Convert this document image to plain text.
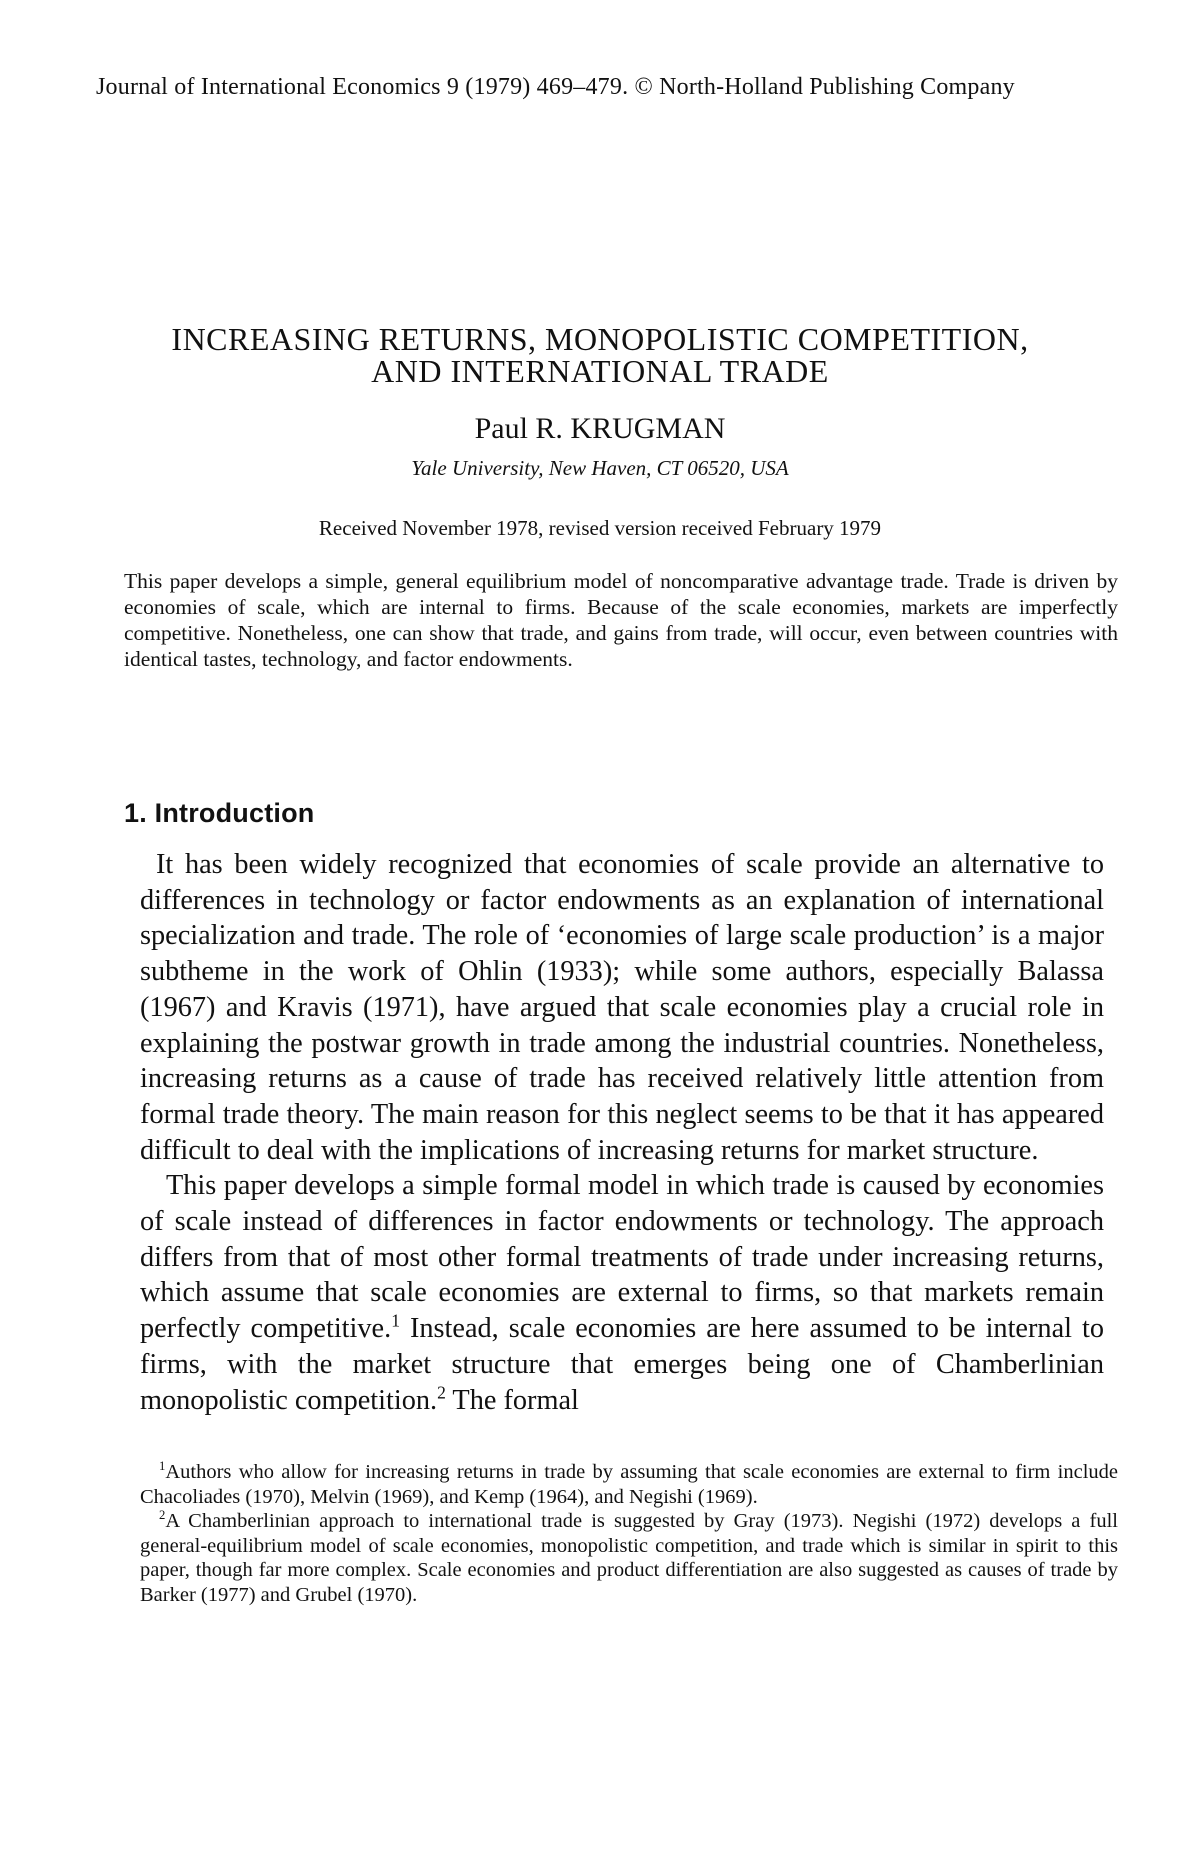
Journal of International Economics 9 (1979) 469–479. © North-Holland Publishing Company
INCREASING RETURNS, MONOPOLISTIC COMPETITION,
AND INTERNATIONAL TRADE
Paul R. KRUGMAN
Yale University, New Haven, CT 06520, USA
Received November 1978, revised version received February 1979
This paper develops a simple, general equilibrium model of noncomparative advantage trade. Trade is driven by economies of scale, which are internal to firms. Because of the scale economies, markets are imperfectly competitive. Nonetheless, one can show that trade, and gains from trade, will occur, even between countries with identical tastes, technology, and factor endowments.
1. Introduction

It has been widely recognized that economies of scale provide an alternative to differences in technology or factor endowments as an explanation of international specialization and trade. The role of ‘economies of large scale production’ is a major subtheme in the work of Ohlin (1933); while some authors, especially Balassa (1967) and Kravis (1971), have argued that scale economies play a crucial role in explaining the postwar growth in trade among the industrial countries. Nonetheless, increasing returns as a cause of trade has received relatively little attention from formal trade theory. The main reason for this neglect seems to be that it has appeared difficult to deal with the implications of increasing returns for market structure.

This paper develops a simple formal model in which trade is caused by economies of scale instead of differences in factor endowments or technology. The approach differs from that of most other formal treatments of trade under increasing returns, which assume that scale economies are external to firms, so that markets remain perfectly competitive.$^1$ Instead, scale economies are here assumed to be internal to firms, with the market structure that emerges being one of Chamberlinian monopolistic competition.$^2$ The formal

$^1$Authors who allow for increasing returns in trade by assuming that scale economies are external to firm include Chacoliades (1970), Melvin (1969), and Kemp (1964), and Negishi (1969).

$^2$A Chamberlinian approach to international trade is suggested by Gray (1973). Negishi (1972) develops a full general-equilibrium model of scale economies, monopolistic competition, and trade which is similar in spirit to this paper, though far more complex. Scale economies and product differentiation are also suggested as causes of trade by Barker (1977) and Grubel (1970).
